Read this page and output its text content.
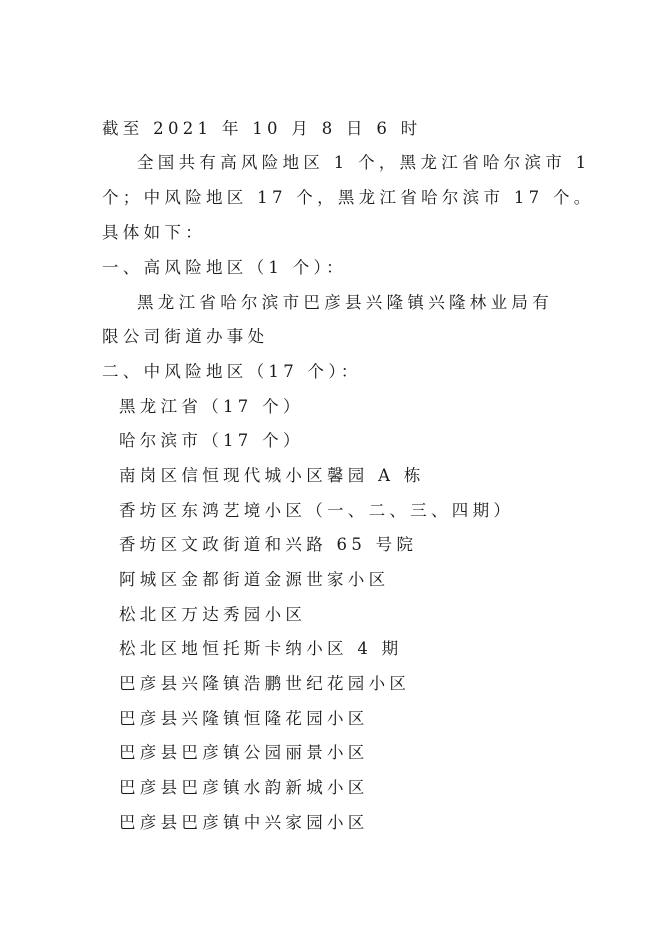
截至 2021 年 10 月 8 日 6 时
全国共有高风险地区 1 个，黑龙江省哈尔滨市 1
个；中风险地区 17 个，黑龙江省哈尔滨市 17 个。
具体如下：
一、高风险地区（1 个）：
黑龙江省哈尔滨市巴彦县兴隆镇兴隆林业局有
限公司街道办事处
二、中风险地区（17 个）：
黑龙江省（17 个）
哈尔滨市（17 个）
南岗区信恒现代城小区馨园 A 栋
香坊区东鸿艺境小区（一、二、三、四期）
香坊区文政街道和兴路 65 号院
阿城区金都街道金源世家小区
松北区万达秀园小区
松北区地恒托斯卡纳小区 4 期
巴彦县兴隆镇浩鹏世纪花园小区
巴彦县兴隆镇恒隆花园小区
巴彦县巴彦镇公园丽景小区
巴彦县巴彦镇水韵新城小区
巴彦县巴彦镇中兴家园小区
